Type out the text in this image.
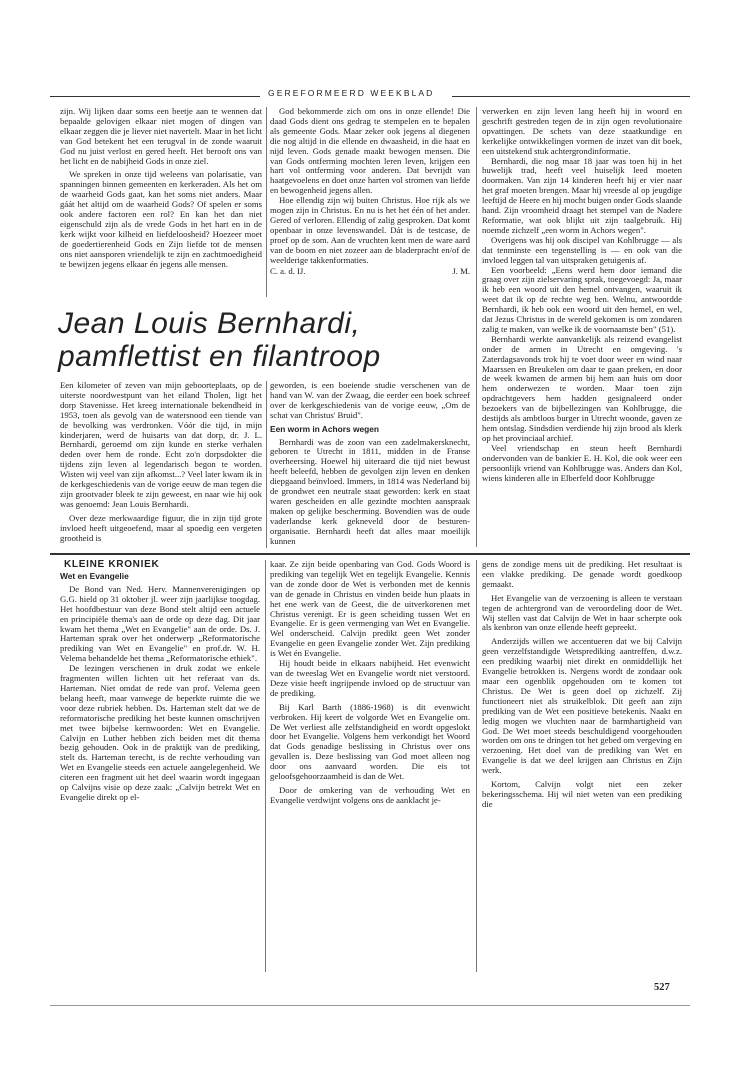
GEREFORMEERD WEEKBLAD

zijn. Wij lijken daar soms een beetje aan te wennen dat bepaalde gelovigen elkaar niet mogen of dingen van elkaar zeggen die je liever niet navertelt. Maar in het licht van God betekent het een terugval in de zonde waaruit God nu juist verlost en gered heeft. Het berooft ons van het licht en de nabijheid Gods in onze ziel.

We spreken in onze tijd weleens van polarisatie, van spanningen binnen gemeenten en kerkeraden. Als het om de waarheid Gods gaat, kan het soms niet anders. Maar gáát het altijd om de waarheid Gods? Of spelen er soms ook andere factoren een rol? En kan het dan niet eigenschuld zijn als de vrede Gods in het hart en in de kerk wijkt voor kilheid en liefdeloosheid? Hoezeer moet de goedertierenheid Gods en Zijn liefde tot de mensen ons niet aansporen vriendelijk te zijn en zachtmoedigheid te bewijzen jegens elkaar én jegens alle mensen.

God bekommerde zich om ons in onze ellende! Die daad Gods dient ons gedrag te stempelen en te bepalen als gemeente Gods. Maar zeker ook jegens al diegenen die nog altijd in die ellende en dwaasheid, in die haat en nijd leven. Gods genade maakt bewogen mensen. Die van Gods ontferming mochten leren leven, krijgen een hart vol ontferming voor anderen. Dat bevrijdt van haatgevoelens en doet onze harten vol stromen van liefde en bewogenheid jegens allen.

Hoe ellendig zijn wij buiten Christus. Hoe rijk als we mogen zijn in Christus. En nu is het het één of het ander. Gered of verloren. Ellendig of zalig gesproken. Dat komt openbaar in onze levenswandel. Dát is de testcase, de proef op de som. Aan de vruchten kent men de ware aard van de boom en niet zozeer aan de bladerpracht en/of de weelderige takkenformaties.

C. a. d. IJ.	J. M.
Jean Louis Bernhardi,
pamflettist en filantroop

Een kilometer of zeven van mijn geboorteplaats, op de uiterste noordwestpunt van het eiland Tholen, ligt het dorp Stavenisse. Het kreeg internationale bekendheid in 1953, toen als gevolg van de watersnood een tiende van de bevolking was verdronken. Vóór die tijd, in mijn kinderjaren, werd de huisarts van dat dorp, dr. J. L. Bernhardi, geroemd om zijn kunde en sterke verhalen deden over hem de ronde. Echt zo'n dorpsdokter die tijdens zijn leven al legendarisch begon te worden. Wisten wij veel van zijn afkomst...? Veel later kwam ik in de kerkgeschiedenis van de vorige eeuw de man tegen die zijn grootvader bleek te zijn geweest, en naar wie hij ook was genoemd: Jean Louis Bernhardi.

Over deze merkwaardige figuur, die in zijn tijd grote invloed heeft uitgeoefend, maar al spoedig een vergeten grootheid is

geworden, is een boeiende studie verschenen van de hand van W. van der Zwaag, die eerder een boek schreef over de kerkgeschiedenis van de vorige eeuw, „Om de schat van Christus' Bruid".

Een worm in Achors wegen

Bernhardi was de zoon van een zadelmakersknecht, geboren te Utrecht in 1811, midden in de Franse overheersing. Hoewel hij uiteraard die tijd niet bewust heeft beleefd, hebben de gevolgen zijn leven en denken diepgaand beïnvloed. Immers, in 1814 was Nederland bij de grondwet een neutrale staat geworden: kerk en staat waren gescheiden en alle gezindte mochten aanspraak maken op gelijke bescherming. Bovendien was de oude vaderlandse kerk gekneveld door de besturen-organisatie. Bernhardi heeft dat alles maar moeilijk kunnen

verwerken en zijn leven lang heeft hij in woord en geschrift gestreden tegen de in zijn ogen revolutionaire opvattingen. De schets van deze staatkundige en kerkelijke ontwikkelingen vormen de inzet van dit boek, een uitstekend stuk achtergrondinformatie.

Bernhardi, die nog maar 18 jaar was toen hij in het huwelijk trad, heeft veel huiselijk leed moeten doormaken. Van zijn 14 kinderen heeft hij er vier naar het graf moeten brengen. Maar hij vreesde al op jeugdige leeftijd de Heere en hij mocht buigen onder Gods slaande hand. Zijn vroomheid draagt het stempel van de Nadere Reformatie, wat ook blijkt uit zijn taalgebruik. Hij noemde zichzelf „een worm in Achors wegen".

Overigens was hij ook discipel van Kohlbrugge — als dat tenminste een tegenstelling is — en ook van die invloed leggen tal van uitspraken getuigenis af.

Een voorbeeld: „Eens werd hem door iemand die graag over zijn zielservaring sprak, toegevoegd: Ja, maar ik heb een woord uit den hemel ontvangen, waaruit ik weet dat ik op de rechte weg ben. Welnu, antwoordde Bernhardi, ik heb ook een woord uit den hemel, en wel, dat Jezus Christus in de wereld gekomen is om zondaren zalig te maken, van welke ik de voornaamste ben" (51).

Bernhardi werkte aanvankelijk als reizend evangelist onder de armen in Utrecht en omgeving. 's Zaterdagsavonds trok hij te voet door weer en wind naar Maarssen en Breukelen om daar te gaan preken, en door de week kwamen de armen bij hem aan huis om door hem onderwezen te worden. Maar toen zijn opdrachtgevers hem hadden gesignaleerd onder bezoekers van de bijbellezingen van Kohlbrugge, die destijds als ambtloos burger in Utrecht woonde, gaven ze hem ontslag. Sindsdien verdiende hij zijn brood als klerk op het provinciaal archief.

Veel vriendschap en steun heeft Bernhardi ondervonden van de bankier E. H. Kol, die ook weer een persoonlijk vriend van Kohlbrugge was. Anders dan Kol, wiens kinderen alle in Elberfeld door Kohlbrugge

KLEINE KRONIEK

Wet en Evangelie

De Bond van Ned. Herv. Mannenverenigingen op G.G. hield op 31 oktober jl. weer zijn jaarlijkse toogdag. Het hoofdbestuur van deze Bond stelt altijd een actuele en principiële thema's aan de orde op deze dag. Dit jaar kwam het thema „Wet en Evangelie" aan de orde. Ds. J. Harteman sprak over het onderwerp „Reformatorische prediking van Wet en Evangelie" en prof.dr. W. H. Velema behandelde het thema „Reformatorische ethiek".

De lezingen verschenen in druk zodat we enkele fragmenten willen lichten uit het referaat van ds. Harteman. Niet omdat de rede van prof. Velema geen belang heeft, maar vanwege de beperkte ruimte die we voor deze rubriek hebben. Ds. Harteman stelt dat we de reformatorische prediking het beste kunnen omschrijven met twee bijbelse kernwoorden: Wet en Evangelie. Calvijn en Luther hebben zich beiden met dit thema bezig gehouden. Ook in de praktijk van de prediking, stelt ds. Harteman terecht, is de rechte verhouding van Wet en Evangelie steeds een actuele aangelegenheid. We citeren een fragment uit het deel waarin wordt ingegaan op Calvijns visie op deze zaak: „Calvijn betrekt Wet en Evangelie direkt op el-

kaar. Ze zijn beide openbaring van God. Gods Woord is prediking van tegelijk Wet en tegelijk Evangelie. Kennis van de zonde door de Wet is verbonden met de kennis van de genade in Christus en vinden beide hun plaats in het ene werk van de Geest, die de uitverkorenen met Christus verenigt. Er is geen scheiding tussen Wet en Evangelie. Er is geen vermenging van Wet en Evangelie. Wel onderscheid. Calvijn predikt geen Wet zonder Evangelie en geen Evangelie zonder Wet. Zijn prediking is Wet én Evangelie.

Hij houdt beide in elkaars nabijheid. Het evenwicht van de tweeslag Wet en Evangelie wordt niet verstoord. Deze visie heeft ingrijpende invloed op de structuur van de prediking.

Bij Karl Barth (1886-1968) is dit evenwicht verbroken. Hij keert de volgorde Wet en Evangelie om. De Wet verliest alle zelfstandigheid en wordt opgeslokt door het Evangelie. Volgens hem verkondigt het Woord dat Gods genadige beslissing in Christus over ons gevallen is. Deze beslissing van God moet alleen nog door ons aanvaard worden. Die eis tot geloofsgehoorzaamheid is dan de Wet.

Door de omkering van de verhouding Wet en Evangelie verdwijnt volgens ons de aanklacht je-

gens de zondige mens uit de prediking. Het resultaat is een vlakke prediking. De genade wordt goedkoop gemaakt.

Het Evangelie van de verzoening is alleen te verstaan tegen de achtergrond van de veroordeling door de Wet. Wij stellen vast dat Calvijn de Wet in haar scherpte ook als kenbron van onze ellende heeft gepreekt.

Anderzijds willen we accentueren dat we bij Calvijn geen verzelfstandigde Wetsprediking aantreffen, d.w.z. een prediking waarbij niet direkt en onmiddellijk het Evangelie betrokken is. Nergens wordt de zondaar ook maar een ogenblik opgehouden om te komen tot Christus. De Wet is geen doel op zichzelf. Zij functioneert niet als struikelblok. Dit geeft aan zijn prediking van de Wet een positieve betekenis. Naakt en ledig mogen we vluchten naar de barmhartigheid van God. De Wet moet steeds beschuldigend voorgehouden worden om ons te dringen tot het gebed om vergeving en verzoening. Het doel van de prediking van Wet en Evangelie is dat we deel krijgen aan Christus en Zijn werk.

Kortom, Calvijn volgt niet een zeker bekeringsschema. Hij wil niet weten van een prediking die

527
